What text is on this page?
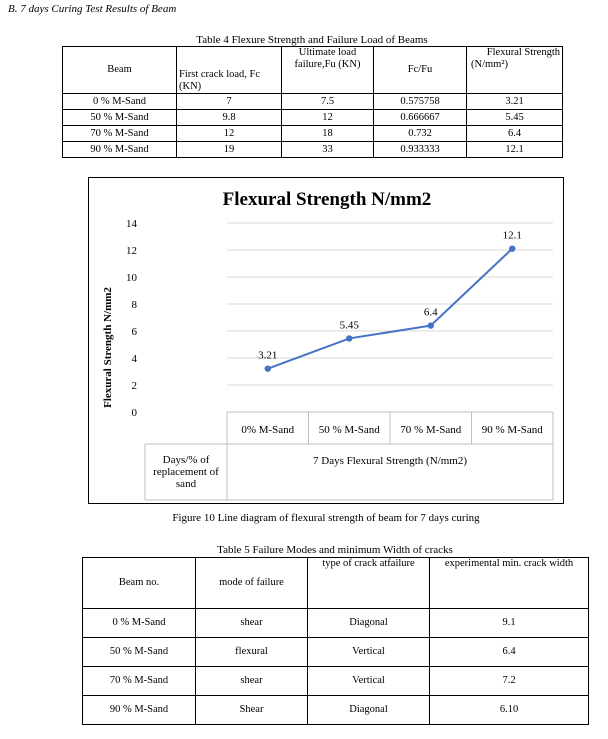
B. 7 days Curing Test Results of Beam
Table 4 Flexure Strength and Failure Load of Beams
Beam	First crack load, Fc (KN)	Ultimate load failure,Fu (KN)	Fc/Fu	Flexural Strength
(N/mm²)

0 % M-Sand	7	7.5	0.575758	3.21
50 % M-Sand	9.8	12	0.666667	5.45
70 % M-Sand	12	18	0.732	6.4
90 % M-Sand	19	33	0.933333	12.1
Flexural Strength N/mm2
0
2
4
6
8
10
12
14
0% M-Sand 50 % M-Sand 70 % M-Sand 90 % M-Sand
Days/% of
replacement of
sand
7 Days Flexural Strength (N/mm2)
Flexural Strength N/mm2	3.21
5.45
6.4
12.1
Figure 10 Line diagram of flexural strength of beam for 7 days curing
Table 5 Failure Modes and minimum Width of cracks
Beam no.	mode of failure	type of crack atfailure	experimental min. crack width
0 % M-Sand	shear	Diagonal	9.1
50 % M-Sand	flexural	Vertical	6.4
70 % M-Sand	shear	Vertical	7.2
90 % M-Sand	Shear	Diagonal	6.10
